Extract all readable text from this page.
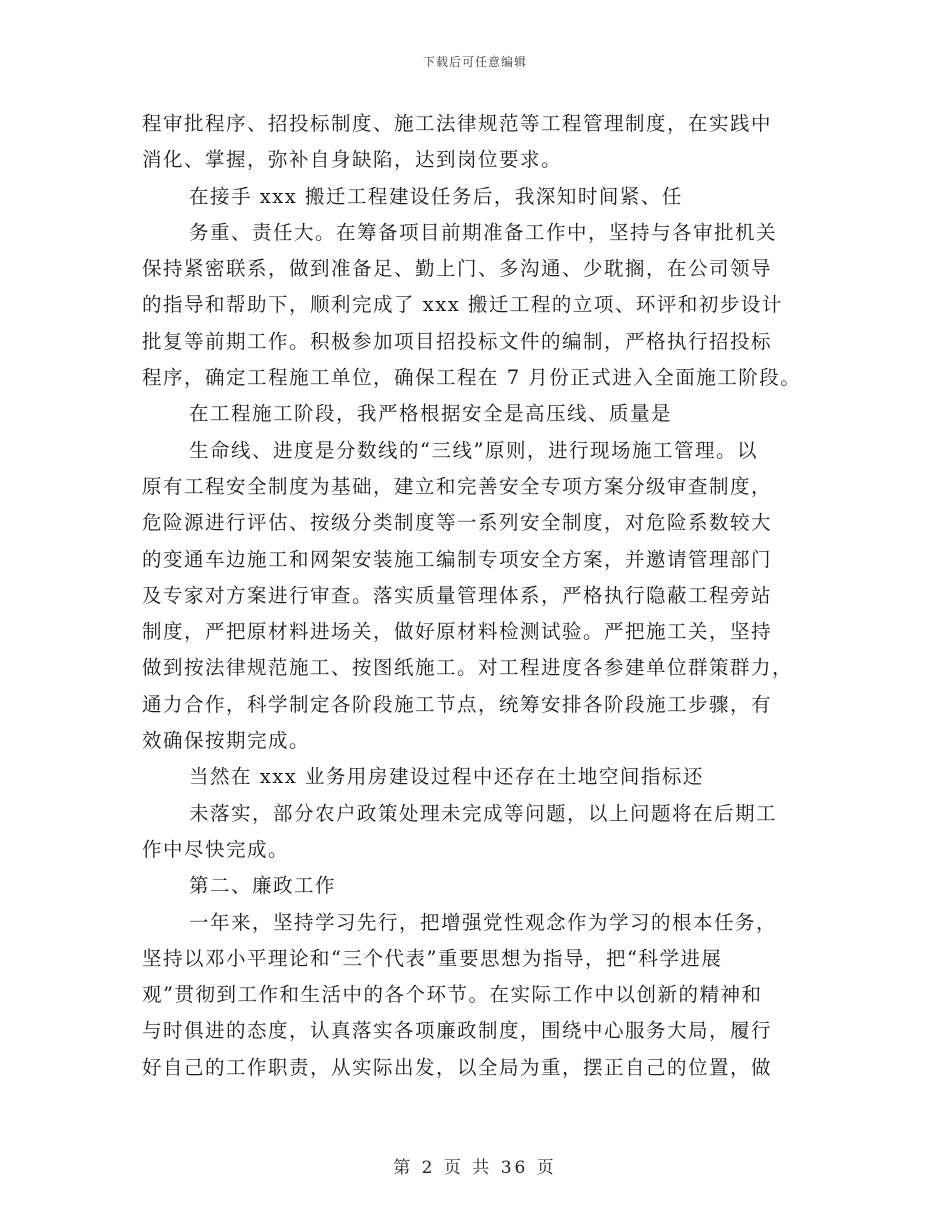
下载后可任意编辑
程审批程序、招投标制度、施工法律规范等工程管理制度，在实践中
消化、掌握，弥补自身缺陷，达到岗位要求。
在接手 xxx 搬迁工程建设任务后，我深知时间紧、任
务重、责任大。在筹备项目前期准备工作中，坚持与各审批机关
保持紧密联系，做到准备足、勤上门、多沟通、少耽搁，在公司领导
的指导和帮助下，顺利完成了 xxx 搬迁工程的立项、环评和初步设计
批复等前期工作。积极参加项目招投标文件的编制，严格执行招投标
程序，确定工程施工单位，确保工程在 7 月份正式进入全面施工阶段。
在工程施工阶段，我严格根据安全是高压线、质量是
生命线、进度是分数线的“三线”原则，进行现场施工管理。以
原有工程安全制度为基础，建立和完善安全专项方案分级审查制度，
危险源进行评估、按级分类制度等一系列安全制度，对危险系数较大
的变通车边施工和网架安装施工编制专项安全方案，并邀请管理部门
及专家对方案进行审查。落实质量管理体系，严格执行隐蔽工程旁站
制度，严把原材料进场关，做好原材料检测试验。严把施工关，坚持
做到按法律规范施工、按图纸施工。对工程进度各参建单位群策群力，
通力合作，科学制定各阶段施工节点，统筹安排各阶段施工步骤，有
效确保按期完成。
当然在 xxx 业务用房建设过程中还存在土地空间指标还
未落实，部分农户政策处理未完成等问题，以上问题将在后期工
作中尽快完成。
第二、廉政工作
一年来，坚持学习先行，把增强党性观念作为学习的根本任务，
坚持以邓小平理论和“三个代表”重要思想为指导，把“科学进展
观”贯彻到工作和生活中的各个环节。在实际工作中以创新的精神和
与时俱进的态度，认真落实各项廉政制度，围绕中心服务大局，履行
好自己的工作职责，从实际出发，以全局为重，摆正自己的位置，做
第 2 页 共 36 页
